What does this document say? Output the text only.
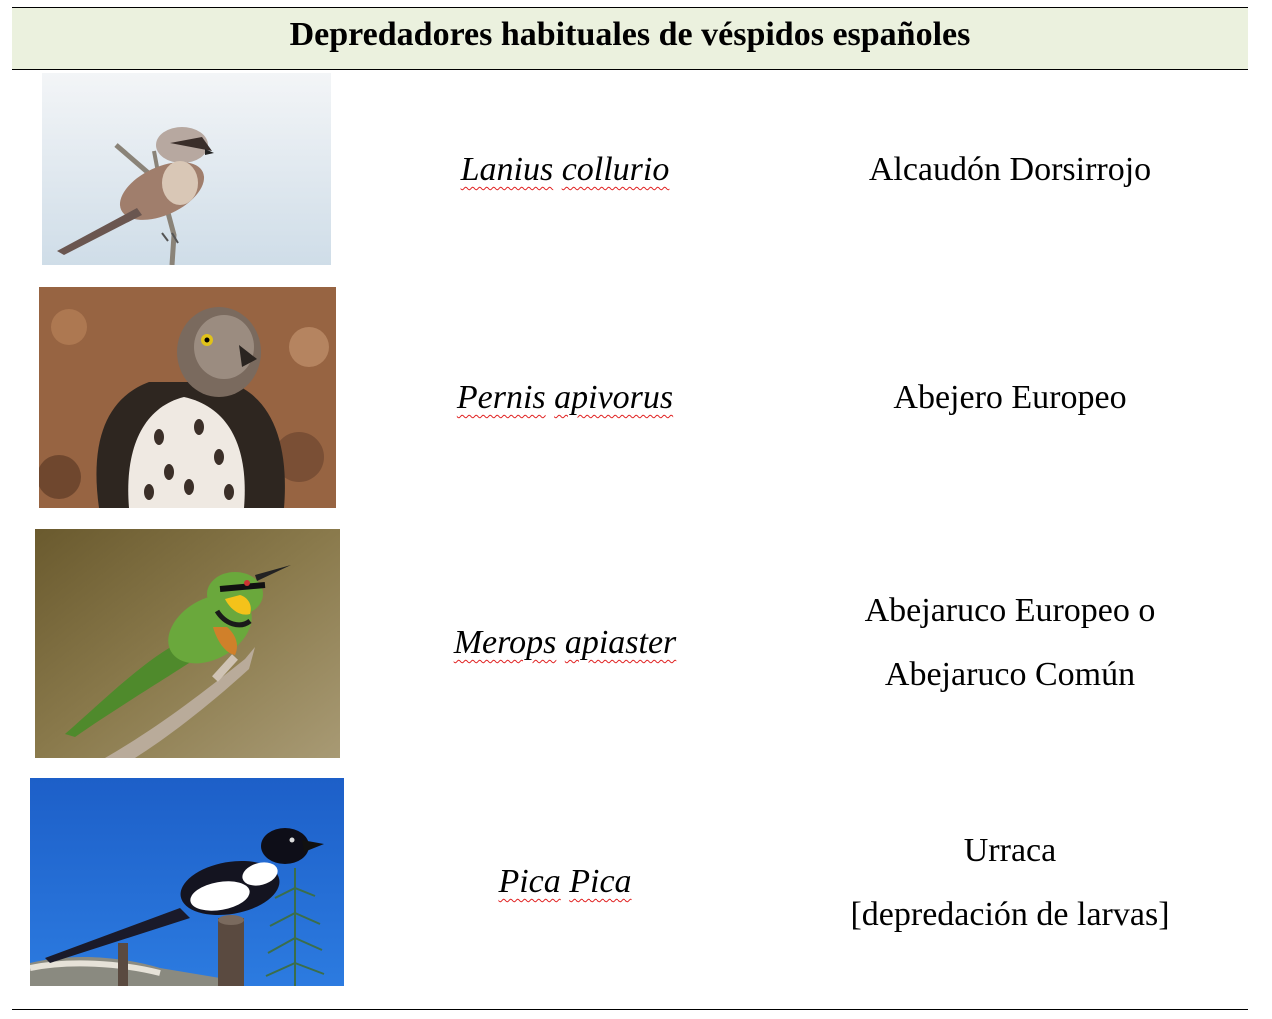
Depredadores habituales de véspidos españoles
Lanius collurio	Alcaudón Dorsirrojo
Pernis apivorus	Abejero Europeo
Merops apiaster
Abejaruco Europeo o
Abejaruco Común
Pica Pica
Urraca
[depredación de larvas]
